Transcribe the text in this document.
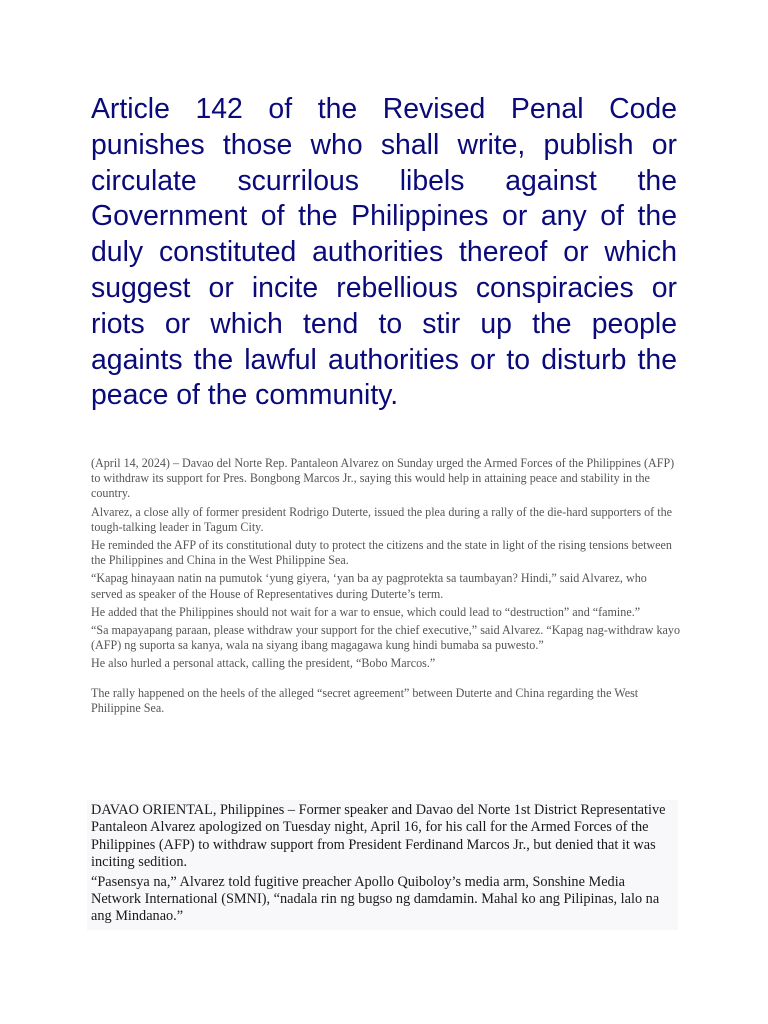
Article 142 of the Revised Penal Code punishes those who shall write, publish or circulate scurrilous libels against the Government of the Philippines or any of the duly constituted authorities thereof or which suggest or incite rebellious conspiracies or riots or which tend to stir up the people againts the lawful authorities or to disturb the peace of the community.

(April 14, 2024) – Davao del Norte Rep. Pantaleon Alvarez on Sunday urged the Armed Forces of the Philippines (AFP) to withdraw its support for Pres. Bongbong Marcos Jr., saying this would help in attaining peace and stability in the country.

Alvarez, a close ally of former president Rodrigo Duterte, issued the plea during a rally of the die-hard supporters of the tough-talking leader in Tagum City.

He reminded the AFP of its constitutional duty to protect the citizens and the state in light of the rising tensions between the Philippines and China in the West Philippine Sea.

“Kapag hinayaan natin na pumutok ‘yung giyera, ‘yan ba ay pagprotekta sa taumbayan? Hindi,” said Alvarez, who served as speaker of the House of Representatives during Duterte’s term.

He added that the Philippines should not wait for a war to ensue, which could lead to “destruction” and “famine.”

“Sa mapayapang paraan, please withdraw your support for the chief executive,” said Alvarez. “Kapag nag-withdraw kayo (AFP) ng suporta sa kanya, wala na siyang ibang magagawa kung hindi bumaba sa puwesto.”

He also hurled a personal attack, calling the president, “Bobo Marcos.”

The rally happened on the heels of the alleged “secret agreement” between Duterte and China regarding the West Philippine Sea.

DAVAO ORIENTAL, Philippines – Former speaker and Davao del Norte 1st District Representative Pantaleon Alvarez apologized on Tuesday night, April 16, for his call for the Armed Forces of the Philippines (AFP) to withdraw support from President Ferdinand Marcos Jr., but denied that it was inciting sedition.

“Pasensya na,” Alvarez told fugitive preacher Apollo Quiboloy’s media arm, Sonshine Media Network International (SMNI), “nadala rin ng bugso ng damdamin. Mahal ko ang Pilipinas, lalo na ang Mindanao.”
